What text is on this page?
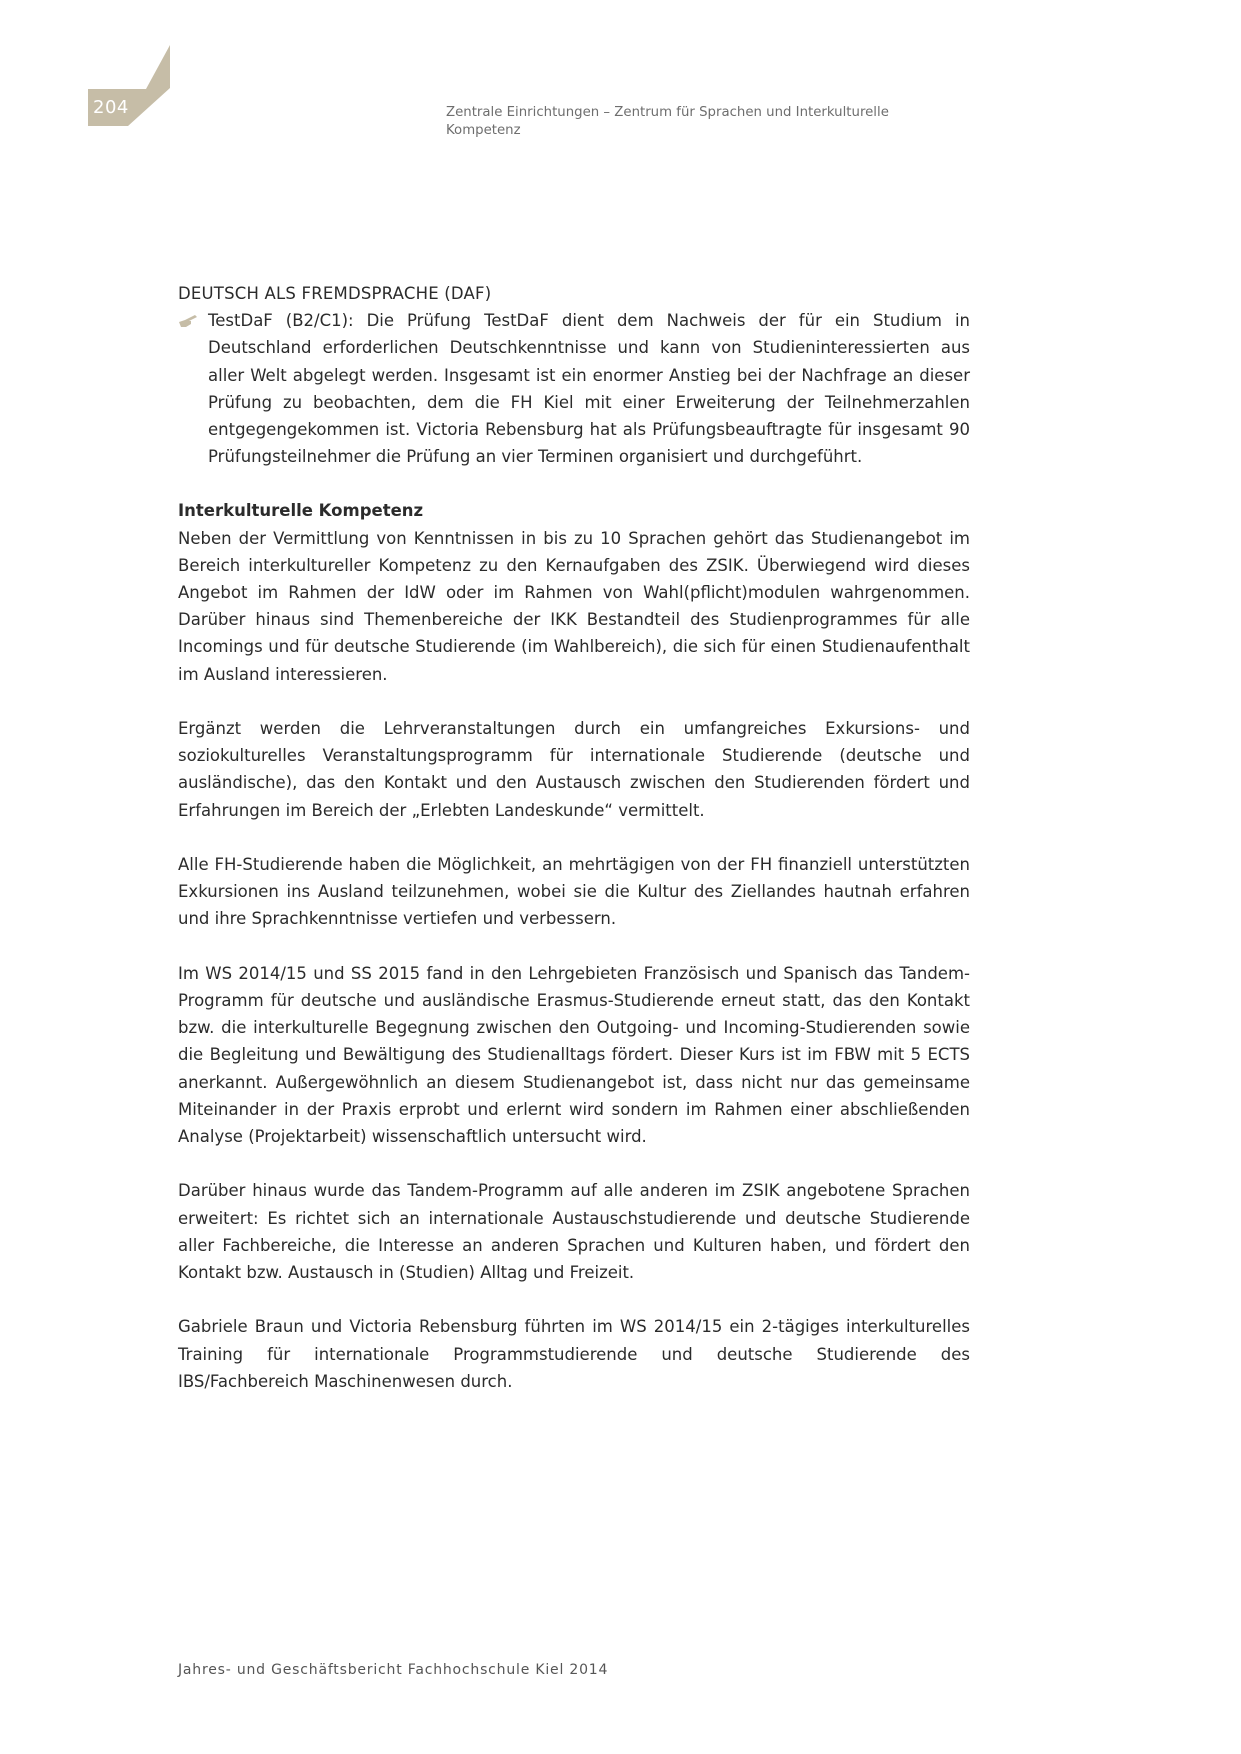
204	Zentrale Einrichtungen – Zentrum für Sprachen und Interkulturelle Kompetenz
DEUTSCH ALS FREMDSPRACHE (DAF)

TestDaF (B2/C1): Die Prüfung TestDaF dient dem Nachweis der für ein Studium in Deutschland erforderlichen Deutschkenntnisse und kann von Studieninteressierten aus aller Welt abgelegt werden. Insgesamt ist ein enormer Anstieg bei der Nachfrage an dieser Prüfung zu beobachten, dem die FH Kiel mit einer Erweiterung der Teilnehmerzahlen entgegengekommen ist. Victoria Rebensburg hat als Prüfungsbeauftragte für insgesamt 90 Prüfungsteilnehmer die Prüfung an vier Terminen organisiert und durchgeführt.

Interkulturelle Kompetenz

Neben der Vermittlung von Kenntnissen in bis zu 10 Sprachen gehört das Studienangebot im Bereich interkultureller Kompetenz zu den Kernaufgaben des ZSIK. Überwiegend wird dieses Angebot im Rahmen der IdW oder im Rahmen von Wahl(pflicht)modulen wahrgenommen. Darüber hinaus sind Themenbereiche der IKK Bestandteil des Studienprogrammes für alle Incomings und für deutsche Studierende (im Wahlbereich), die sich für einen Studienaufenthalt im Ausland interessieren.

Ergänzt werden die Lehrveranstaltungen durch ein umfangreiches Exkursions- und soziokulturelles Veranstaltungsprogramm für internationale Studierende (deutsche und ausländische), das den Kontakt und den Austausch zwischen den Studierenden fördert und Erfahrungen im Bereich der „Erlebten Landeskunde“ vermittelt.

Alle FH-Studierende haben die Möglichkeit, an mehrtägigen von der FH finanziell unterstützten Exkursionen ins Ausland teilzunehmen, wobei sie die Kultur des Ziellandes hautnah erfahren und ihre Sprachkenntnisse vertiefen und verbessern.

Im WS 2014/15 und SS 2015 fand in den Lehrgebieten Französisch und Spanisch das Tandem-Programm für deutsche und ausländische Erasmus-Studierende erneut statt, das den Kontakt bzw. die interkulturelle Begegnung zwischen den Outgoing- und Incoming-Studierenden sowie die Begleitung und Bewältigung des Studienalltags fördert. Dieser Kurs ist im FBW mit 5 ECTS anerkannt. Außergewöhnlich an diesem Studienangebot ist, dass nicht nur das gemeinsame Miteinander in der Praxis erprobt und erlernt wird sondern im Rahmen einer abschließenden Analyse (Projektarbeit) wissenschaftlich untersucht wird.

Darüber hinaus wurde das Tandem-Programm auf alle anderen im ZSIK angebotene Sprachen erweitert: Es richtet sich an internationale Austauschstudierende und deutsche Studierende aller Fachbereiche, die Interesse an anderen Sprachen und Kulturen haben, und fördert den Kontakt bzw. Austausch in (Studien) Alltag und Freizeit.

Gabriele Braun und Victoria Rebensburg führten im WS 2014/15 ein 2-tägiges interkulturelles Training für internationale Programmstudierende und deutsche Studierende des IBS/Fachbereich Maschinenwesen durch.

Jahres- und Geschäftsbericht Fachhochschule Kiel 2014
